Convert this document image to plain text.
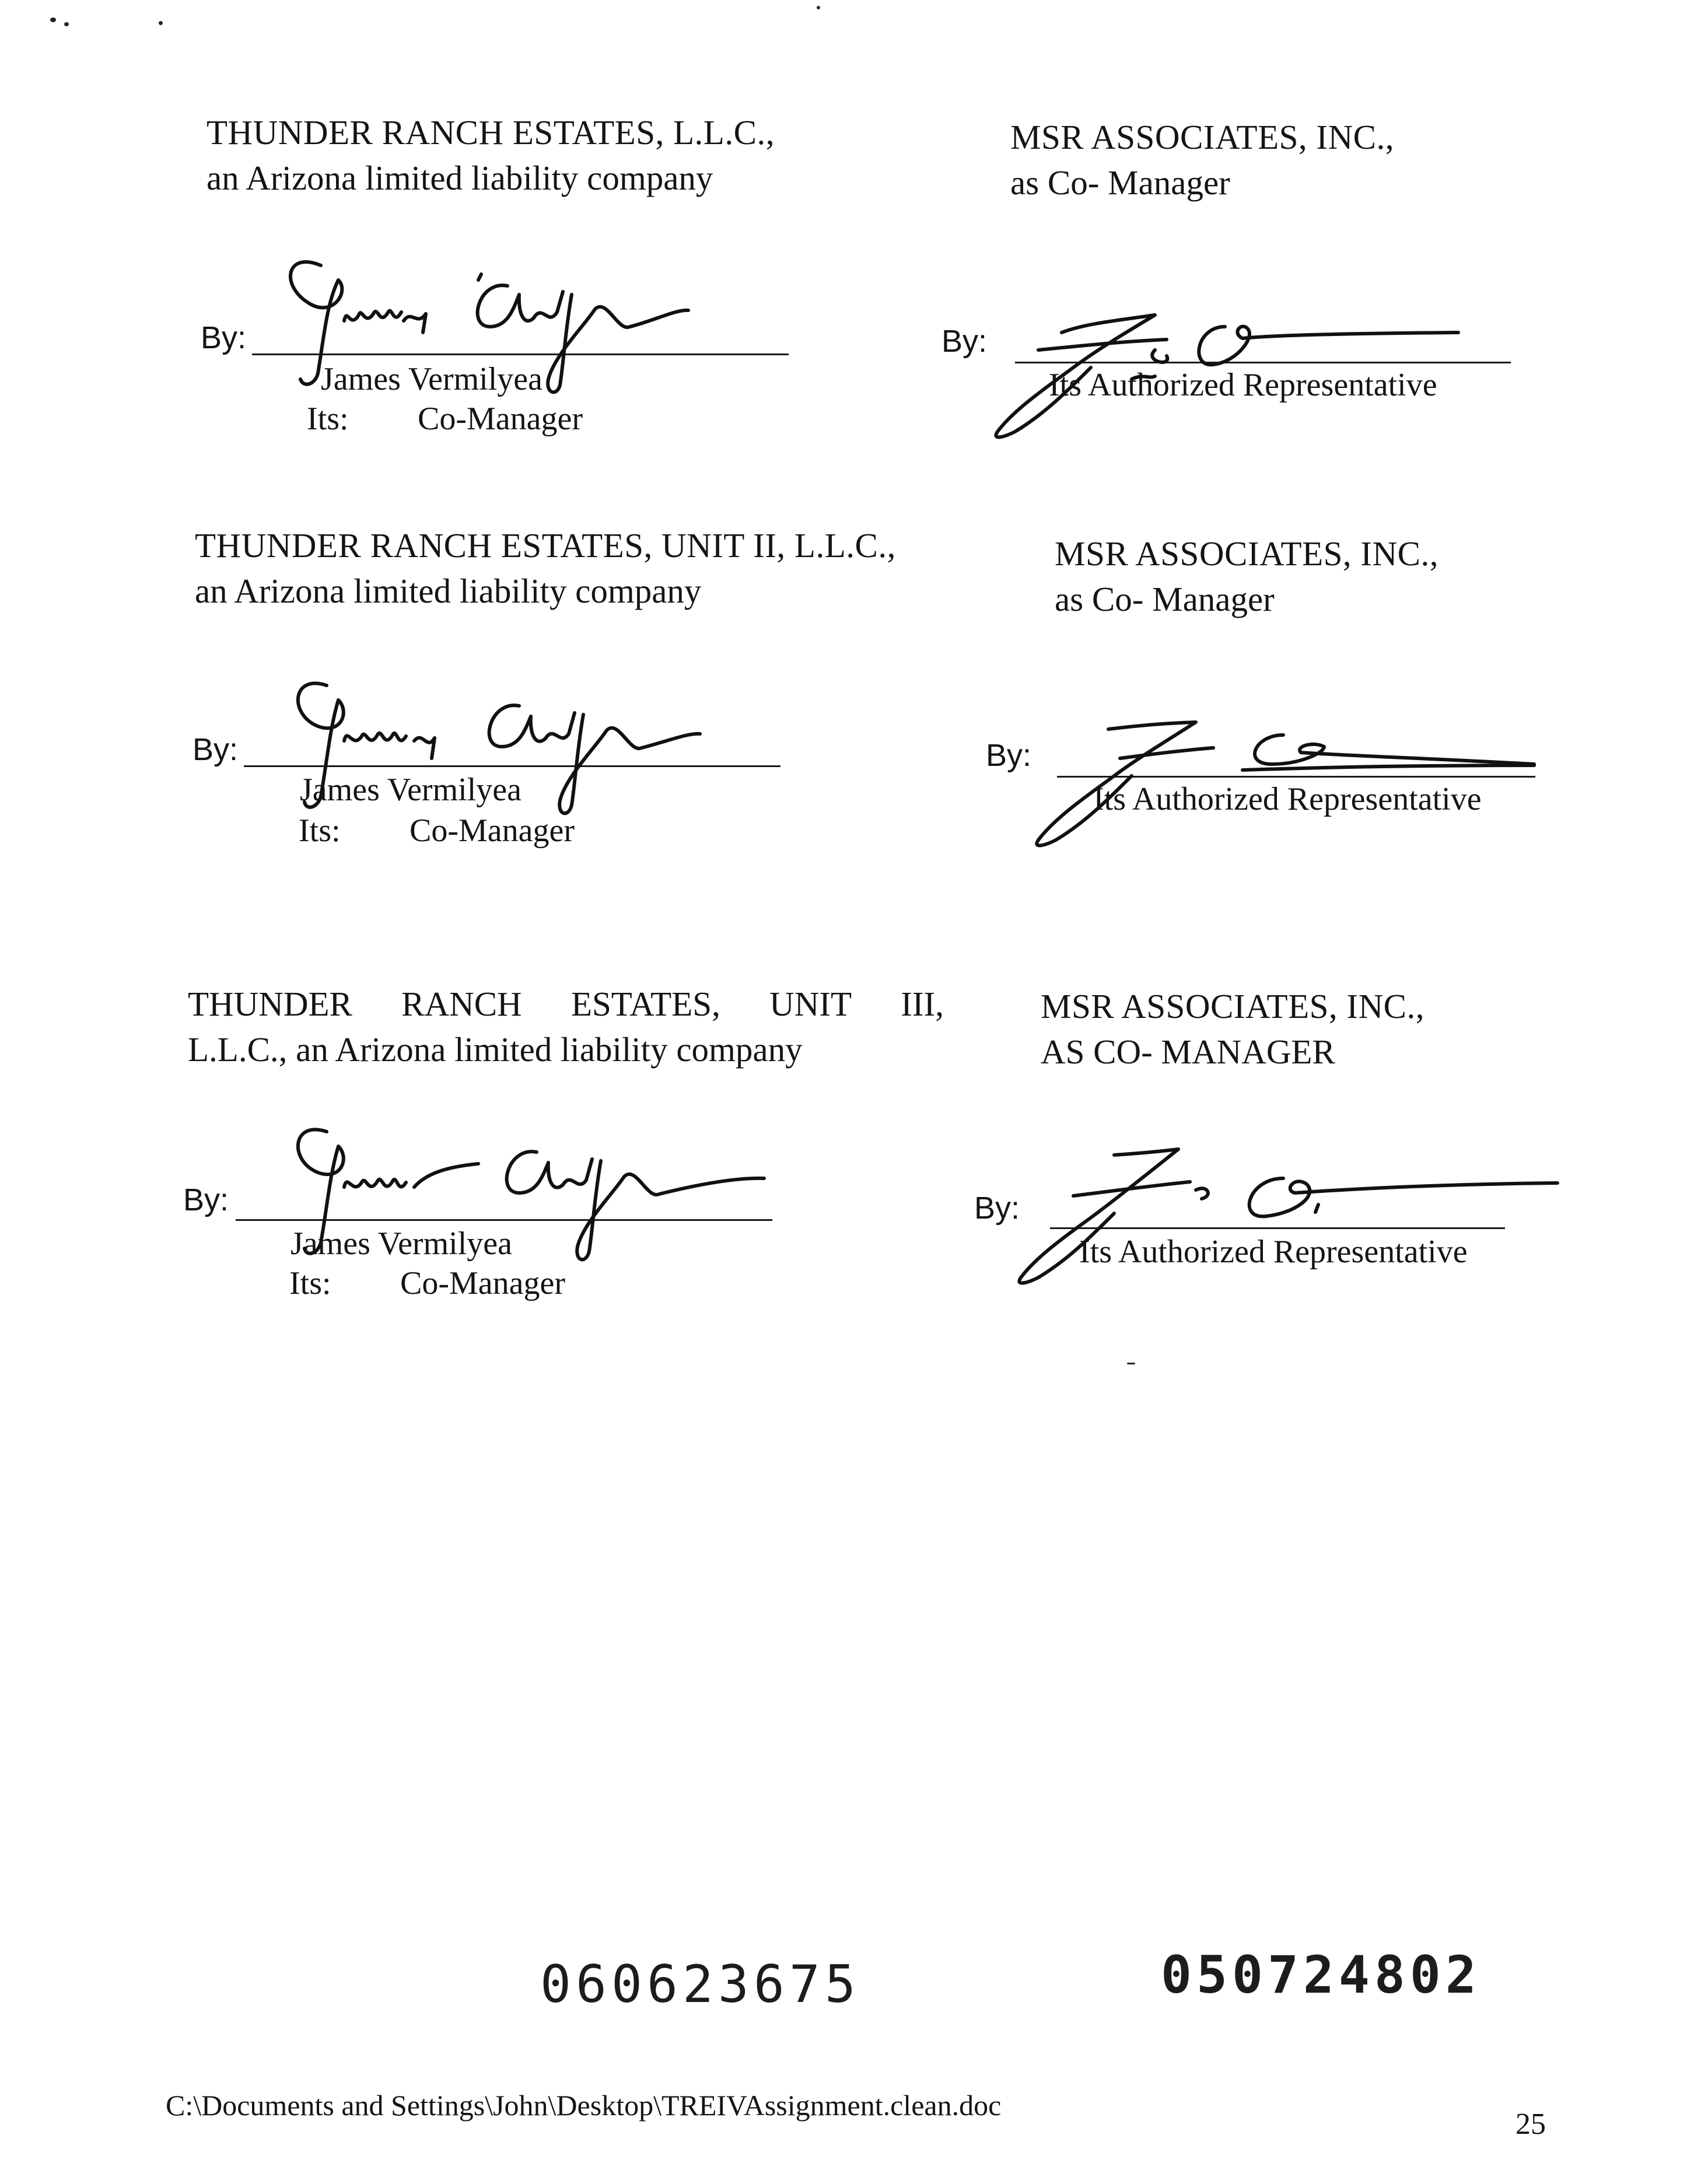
THUNDER RANCH ESTATES, L.L.C.,
an Arizona limited liability company
By:
James Vermilyea
Its: Co-Manager
MSR ASSOCIATES, INC.,
as Co- Manager
By:
Its Authorized Representative
THUNDER RANCH ESTATES, UNIT II, L.L.C.,
an Arizona limited liability company
By:
James Vermilyea
Its: Co-Manager
MSR ASSOCIATES, INC.,
as Co- Manager
By:
Its Authorized Representative
THUNDER RANCH ESTATES, UNIT III,
L.L.C., an Arizona limited liability company
By:
James Vermilyea
Its: Co-Manager
MSR ASSOCIATES, INC.,
AS CO- MANAGER
By:
Its Authorized Representative
060623675	050724802
C:\Documents and Settings\John\Desktop\TREIVAssignment.clean.doc
25
